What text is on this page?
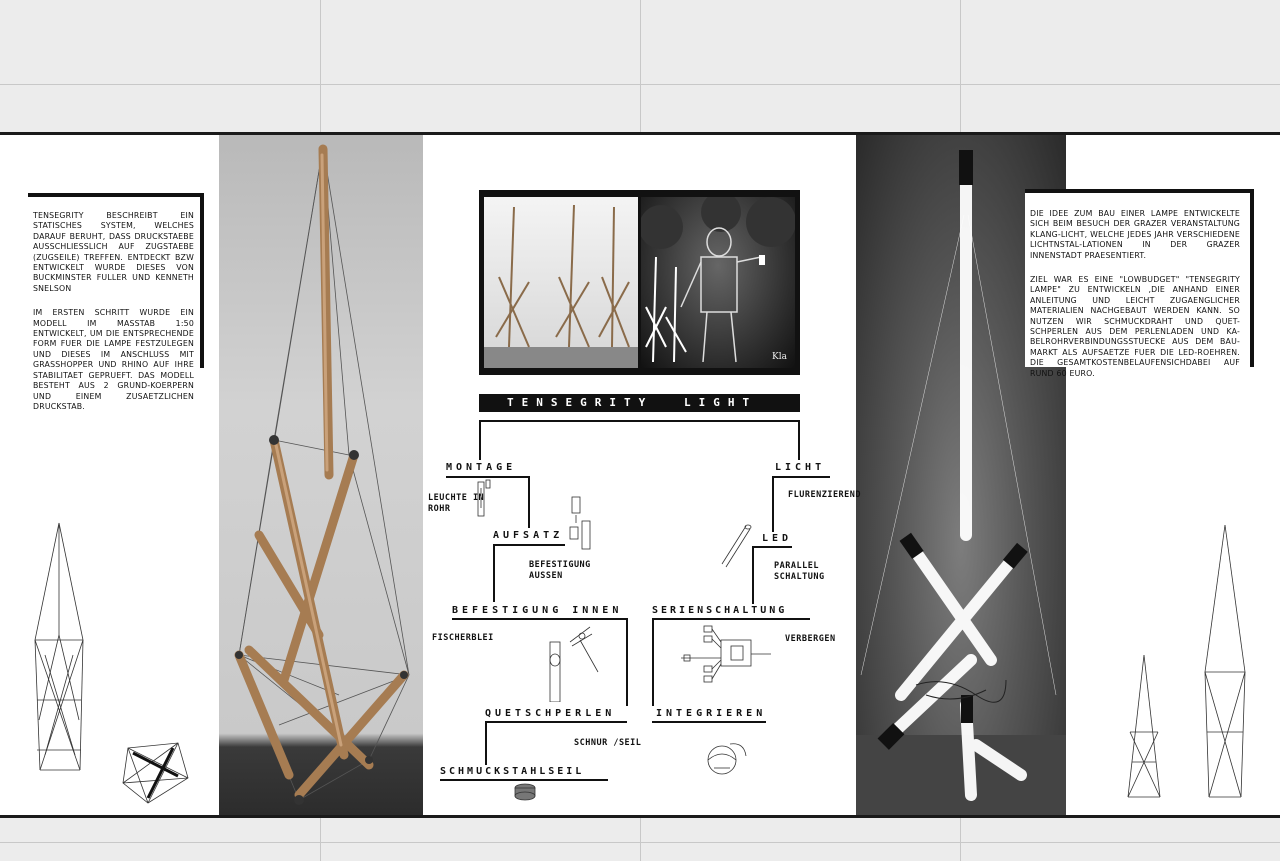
TENSEGRITY BESCHREIBT EIN STATISCHES SYSTEM, WELCHES DARAUF BERUHT, DASS DRUCKSTAEBE AUSSCHLIESSLICH AUF ZUGSTAEBE (ZUGSEILE) TREFFEN. ENTDECKT BZW ENTWICKELT WURDE DIESES VON BUCKMINSTER FULLER UND KENNETH SNELSON

IM ERSTEN SCHRITT WURDE EIN MODELL IM MASSTAB 1:50 ENTWICKELT, UM DIE ENTSPRECHENDE FORM FUER DIE LAMPE FESTZULEGEN UND DIESES IM ANSCHLUSS MIT GRASSHOPPER UND RHINO AUF IHRE STABILITAET GEPRUEFT. DAS MODELL BESTEHT AUS 2 GRUND-KOERPERN UND EINEM ZUSAETZLICHEN DRUCKSTAB.

DIE IDEE ZUM BAU EINER LAMPE ENTWICKELTE SICH BEIM BESUCH DER GRAZER VERANSTALTUNG KLANG-LICHT, WELCHE JEDES JAHR VERSCHIEDENE LICHTNSTAL-LATIONEN IN DER GRAZER INNENSTADT PRAESENTIERT.

ZIEL WAR ES EINE "LOWBUDGET" "TENSEGRITY LAMPE" ZU ENTWICKELN ,DIE ANHAND EINER ANLEITUNG UND LEICHT ZUGAENGLICHER MATERIALIEN NACHGEBAUT WERDEN KANN. SO NUTZEN WIR SCHMUCKDRAHT UND QUET-SCHPERLEN AUS DEM PERLENLADEN UND KA-BELROHRVERBINDUNGSSTUECKE AUS DEM BAU-MARKT ALS AUFSAETZE FUER DIE LED-ROEHREN. DIE GESAMTKOSTENBELAUFENSICHDABEI AUF RUND 60 EURO.

Kla
TENSEGRITY	LIGHT
MONTAGE
LEUCHTE IN ROHR
AUFSATZ
BEFESTIGUNG AUSSEN
BEFESTIGUNG INNEN
FISCHERBLEI
QUETSCHPERLEN
SCHNUR /SEIL
SCHMUCKSTAHLSEIL
LICHT
FLURENZIEREND
LED
PARALLEL SCHALTUNG
SERIENSCHALTUNG
VERBERGEN
INTEGRIEREN
